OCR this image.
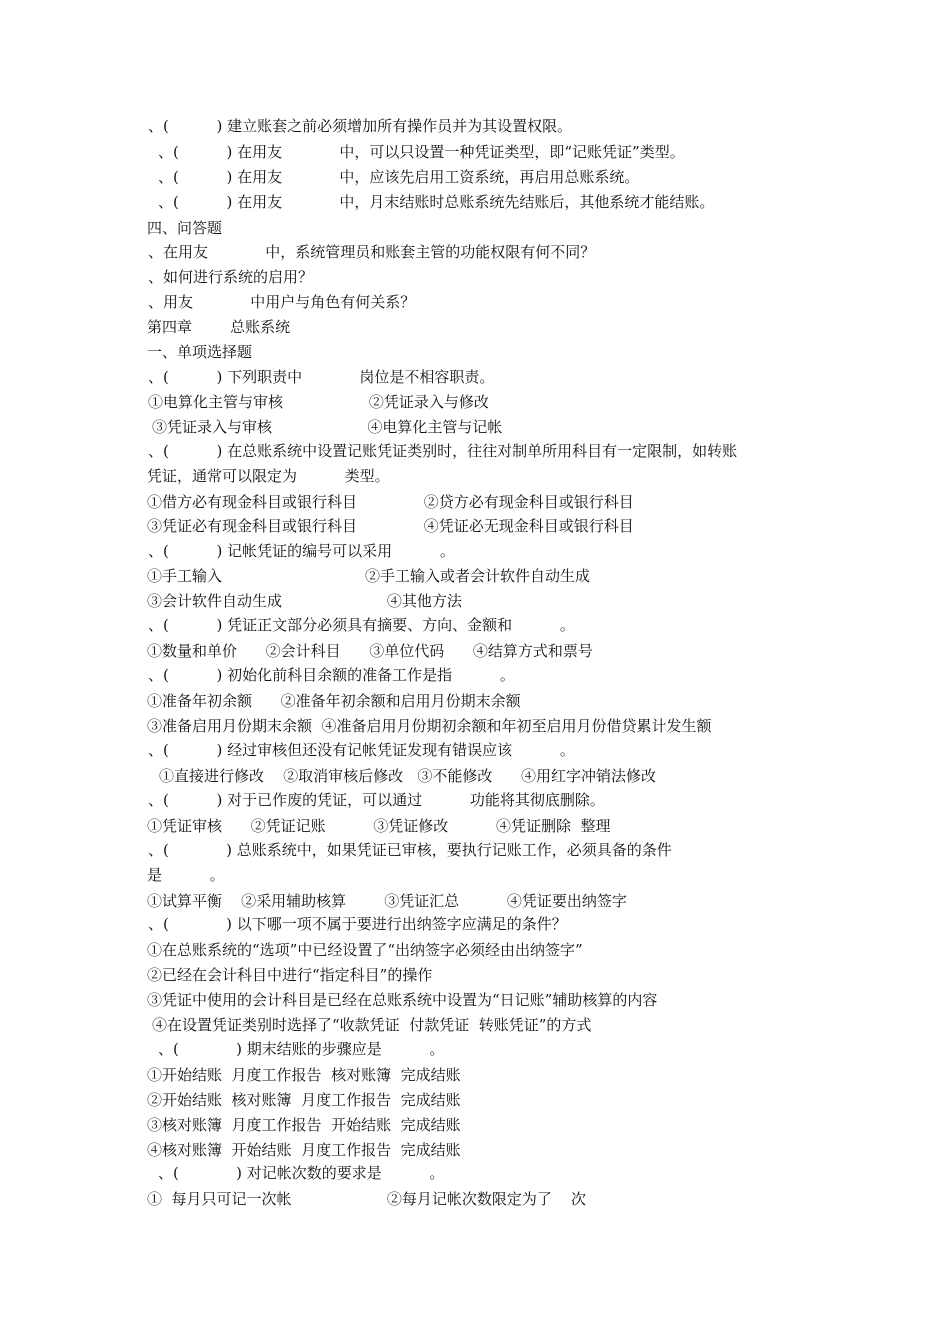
、(          ) 建立账套之前必须增加所有操作员并为其设置权限。
、(          ) 在用友            中，可以只设置一种凭证类型，即“记账凭证”类型。
、(          ) 在用友            中，应该先启用工资系统，再启用总账系统。
、(          ) 在用友            中，月末结账时总账系统先结账后，其他系统才能结账。
四、问答题
、在用友            中，系统管理员和账套主管的功能权限有何不同？
、如何进行系统的启用？
、用友            中用户与角色有何关系？
第四章        总账系统
一、单项选择题
、(          ) 下列职责中            岗位是不相容职责。
①电算化主管与审核                  ②凭证录入与修改
③凭证录入与审核                    ④电算化主管与记帐
、(          ) 在总账系统中设置记账凭证类别时，往往对制单所用科目有一定限制，如转账
凭证，通常可以限定为          类型。
①借方必有现金科目或银行科目              ②贷方必有现金科目或银行科目
③凭证必有现金科目或银行科目              ④凭证必无现金科目或银行科目
、(          ) 记帐凭证的编号可以采用          。
①手工输入                              ②手工输入或者会计软件自动生成
③会计软件自动生成                      ④其他方法
、(          ) 凭证正文部分必须具有摘要、方向、金额和          。
①数量和单价      ②会计科目      ③单位代码      ④结算方式和票号
、(          ) 初始化前科目余额的准备工作是指          。
①准备年初余额      ②准备年初余额和启用月份期末余额
③准备启用月份期末余额  ④准备启用月份期初余额和年初至启用月份借贷累计发生额
、(          ) 经过审核但还没有记帐凭证发现有错误应该          。
①直接进行修改    ②取消审核后修改   ③不能修改      ④用红字冲销法修改
、(          ) 对于已作废的凭证，可以通过          功能将其彻底删除。
①凭证审核      ②凭证记账          ③凭证修改          ④凭证删除  整理
、(            ) 总账系统中，如果凭证已审核，要执行记账工作，必须具备的条件
是          。
①试算平衡    ②采用辅助核算        ③凭证汇总          ④凭证要出纳签字
、(            ) 以下哪一项不属于要进行出纳签字应满足的条件？
①在总账系统的“选项”中已经设置了“出纳签字必须经由出纳签字”
②已经在会计科目中进行“指定科目”的操作
③凭证中使用的会计科目是已经在总账系统中设置为“日记账”辅助核算的内容
④在设置凭证类别时选择了“收款凭证  付款凭证  转账凭证”的方式
、(            ) 期末结账的步骤应是          。
①开始结账  月度工作报告  核对账簿  完成结账
②开始结账  核对账簿  月度工作报告  完成结账
③核对账簿  月度工作报告  开始结账  完成结账
④核对账簿  开始结账  月度工作报告  完成结账
、(            ) 对记帐次数的要求是          。
①  每月只可记一次帐                    ②每月记帐次数限定为了    次
